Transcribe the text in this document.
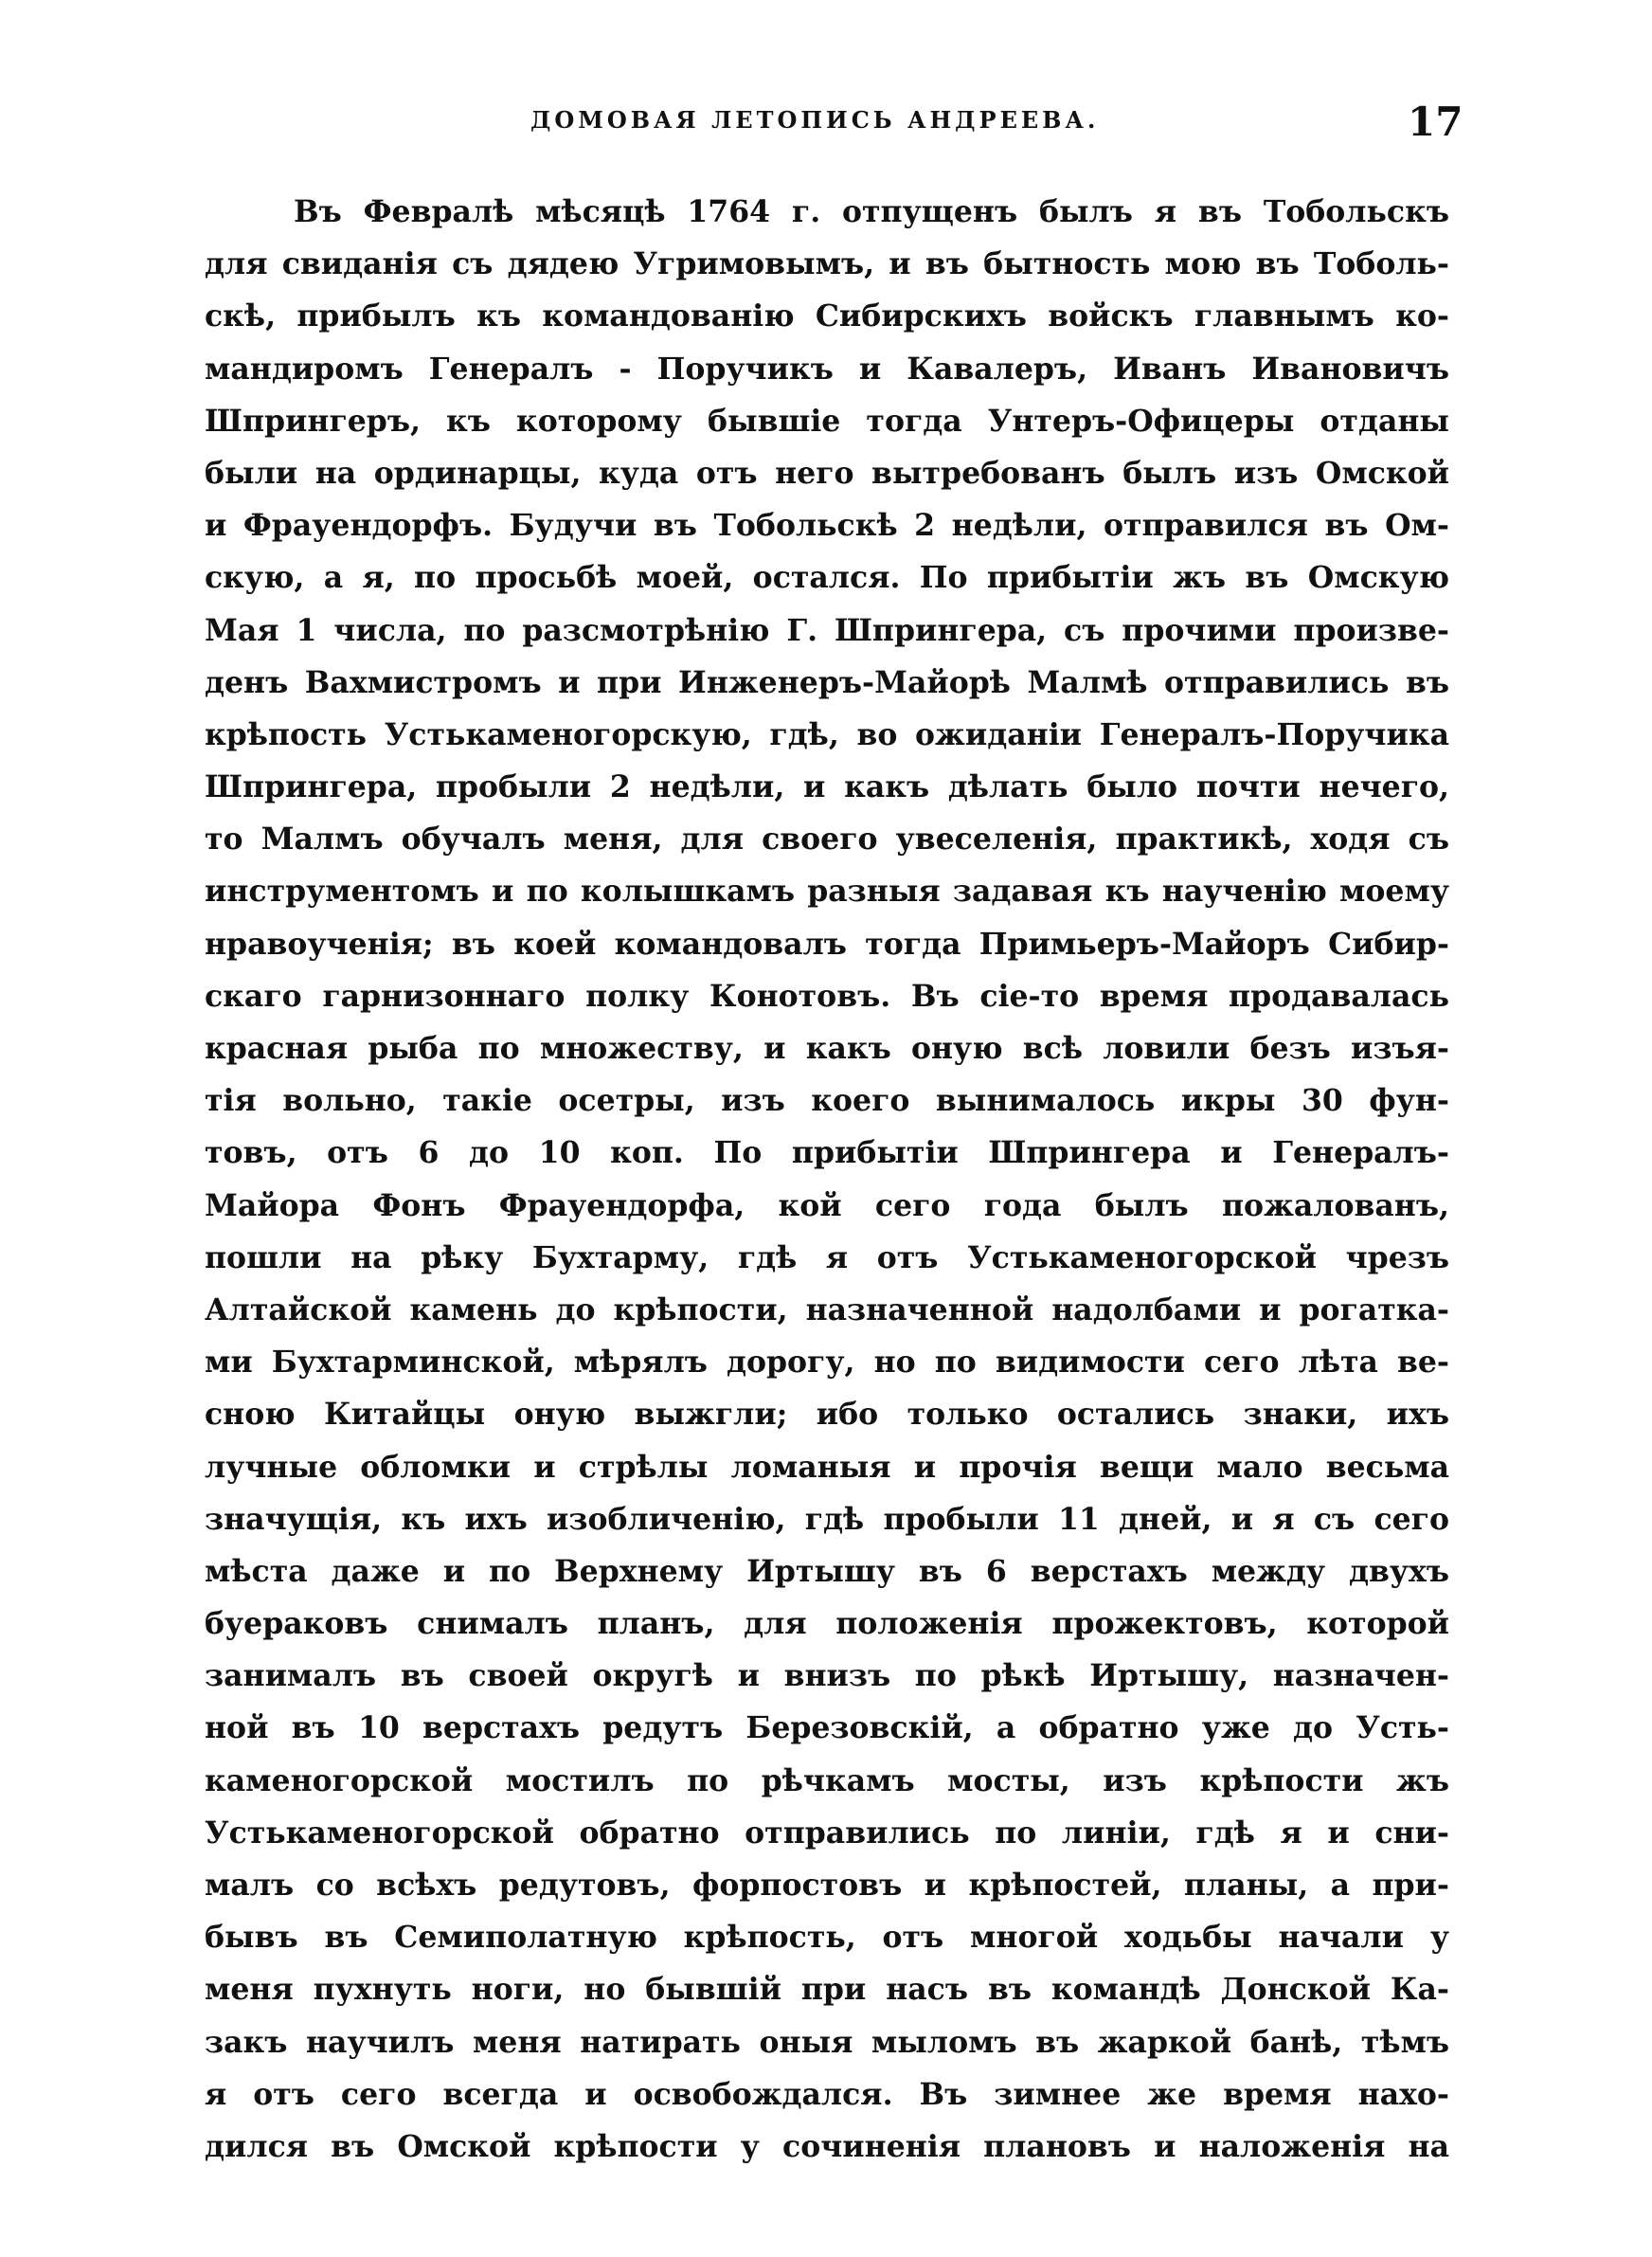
ДОМОВАЯ ЛЕТОПИСЬ АНДРЕЕВА.	17
Въ Февралѣ мѣсяцѣ 1764 г. отпущенъ былъ я въ Тобольскъ
для свиданія съ дядею Угримовымъ, и въ бытность мою въ Тоболь-
скѣ, прибылъ къ командованію Сибирскихъ войскъ главнымъ ко-
мандиромъ Генералъ - Поручикъ и Кавалеръ, Иванъ Ивановичъ
Шпрингеръ, къ которому бывшіе тогда Унтеръ-Офицеры отданы
были на ординарцы, куда отъ него вытребованъ былъ изъ Омской
и Фрауендорфъ. Будучи въ Тобольскѣ 2 недѣли, отправился въ Ом-
скую, а я, по просьбѣ моей, остался. По прибытіи жъ въ Омскую
Мая 1 числа, по разсмотрѣнію Г. Шпрингера, съ прочими произве-
денъ Вахмистромъ и при Инженеръ-Майорѣ Малмѣ отправились въ
крѣпость Устькаменогорскую, гдѣ, во ожиданіи Генералъ-Поручика
Шпрингера, пробыли 2 недѣли, и какъ дѣлать было почти нечего,
то Малмъ обучалъ меня, для своего увеселенія, практикѣ, ходя съ
инструментомъ и по колышкамъ разныя задавая къ наученію моему
нравоученія; въ коей командовалъ тогда Примьеръ-Майоръ Сибир-
скаго гарнизоннаго полку Конотовъ. Въ сіе-то время продавалась
красная рыба по множеству, и какъ оную всѣ ловили безъ изъя-
тія вольно, такіе осетры, изъ коего вынималось икры 30 фун-
товъ, отъ 6 до 10 коп. По прибытіи Шпрингера и Генералъ-
Майора Фонъ Фрауендорфа, кой сего года былъ пожалованъ,
пошли на рѣку Бухтарму, гдѣ я отъ Устькаменогорской чрезъ
Алтайской камень до крѣпости, назначенной надолбами и рогатка-
ми Бухтарминской, мѣрялъ дорогу, но по видимости сего лѣта ве-
сною Китайцы оную выжгли; ибо только остались знаки, ихъ
лучные обломки и стрѣлы ломаныя и прочія вещи мало весьма
значущія, къ ихъ изобличенію, гдѣ пробыли 11 дней, и я съ сего
мѣста даже и по Верхнему Иртышу въ 6 верстахъ между двухъ
буераковъ снималъ планъ, для положенія прожектовъ, которой
занималъ въ своей округѣ и внизъ по рѣкѣ Иртышу, назначен-
ной въ 10 верстахъ редутъ Березовскій, а обратно уже до Усть-
каменогорской мостилъ по рѣчкамъ мосты, изъ крѣпости жъ
Устькаменогорской обратно отправились по линіи, гдѣ я и сни-
малъ со всѣхъ редутовъ, форпостовъ и крѣпостей, планы, а при-
бывъ въ Семиполатную крѣпость, отъ многой ходьбы начали у
меня пухнуть ноги, но бывшій при насъ въ командѣ Донской Ка-
закъ научилъ меня натирать оныя мыломъ въ жаркой банѣ, тѣмъ
я отъ сего всегда и освобождался. Въ зимнее же время нахо-
дился въ Омской крѣпости у сочиненія плановъ и наложенія на
